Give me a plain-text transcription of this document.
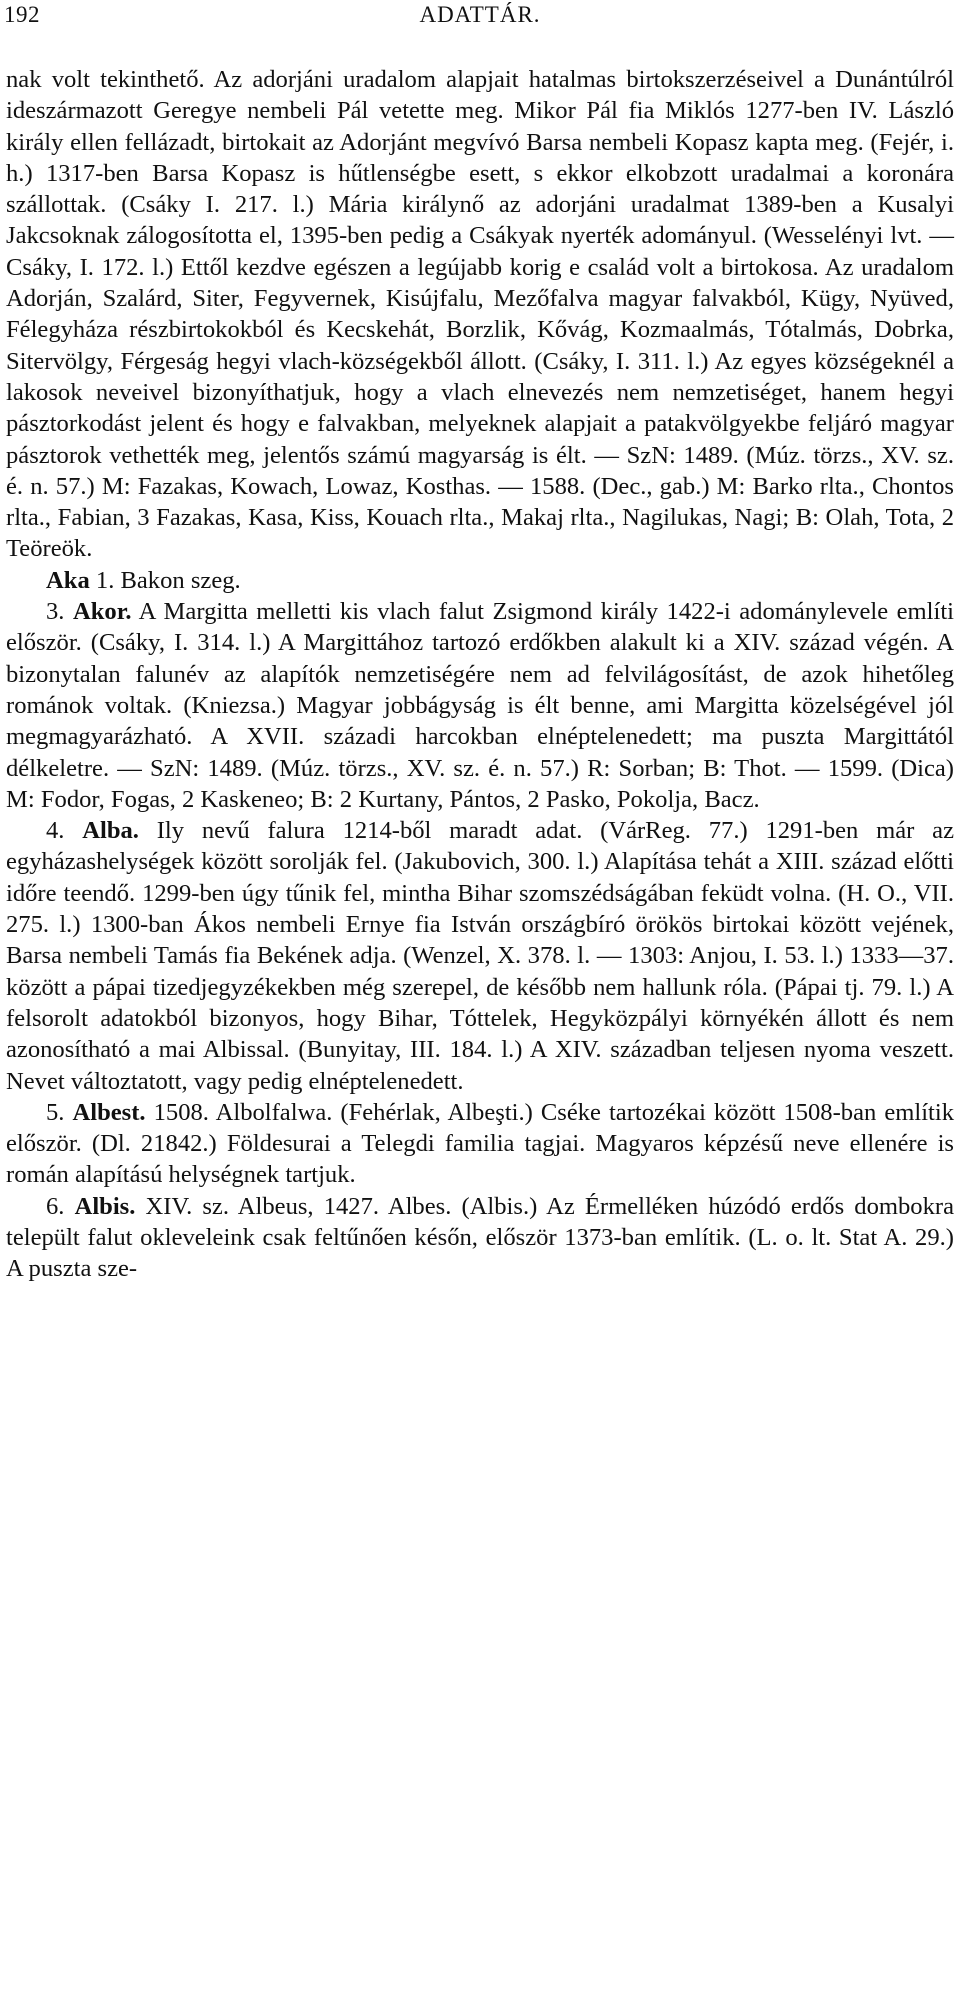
192	ADATTÁR.

nak volt tekinthető. Az adorjáni uradalom alapjait hatalmas birtokszerzéseivel a Dunántúlról ideszármazott Geregye nembeli Pál vetette meg. Mikor Pál fia Miklós 1277-ben IV. László király ellen fellázadt, birtokait az Adorjánt megvívó Barsa nembeli Kopasz kapta meg. (Fejér, i. h.) 1317-ben Barsa Kopasz is hűtlenségbe esett, s ekkor elkobzott uradalmai a koronára szállottak. (Csáky I. 217. l.) Mária királynő az adorjáni uradalmat 1389-ben a Kusalyi Jakcsoknak zálogosította el, 1395-ben pedig a Csákyak nyerték adományul. (Wesselényi lvt. — Csáky, I. 172. l.) Ettől kezdve egészen a legújabb korig e család volt a birtokosa. Az uradalom Adorján, Szalárd, Siter, Fegyvernek, Kisújfalu, Mezőfalva magyar falvakból, Kügy, Nyüved, Félegyháza részbirtokokból és Kecskehát, Borzlik, Kővág, Kozmaalmás, Tótalmás, Dobrka, Sitervölgy, Férgeság hegyi vlach-községekből állott. (Csáky, I. 311. l.) Az egyes községeknél a lakosok neveivel bizonyíthatjuk, hogy a vlach elnevezés nem nemzetiséget, hanem hegyi pásztorkodást jelent és hogy e falvakban, melyeknek alapjait a patakvölgyekbe feljáró magyar pásztorok vethették meg, jelentős számú magyarság is élt. — SzN: 1489. (Múz. törzs., XV. sz. é. n. 57.) M: Fazakas, Kowach, Lowaz, Kosthas. — 1588. (Dec., gab.) M: Barko rlta., Chontos rlta., Fabian, 3 Fazakas, Kasa, Kiss, Kouach rlta., Makaj rlta., Nagilukas, Nagi; B: Olah, Tota, 2 Teöreök.

Aka 1. Bakon szeg.

3. Akor. A Margitta melletti kis vlach falut Zsigmond király 1422-i adománylevele említi először. (Csáky, I. 314. l.) A Margittához tartozó erdőkben alakult ki a XIV. század végén. A bizonytalan falunév az alapítók nemzetiségére nem ad felvilágosítást, de azok hihetőleg románok voltak. (Kniezsa.) Magyar jobbágyság is élt benne, ami Margitta közelségével jól megmagyarázható. A XVII. századi harcokban elnéptelenedett; ma puszta Margittától délkeletre. — SzN: 1489. (Múz. törzs., XV. sz. é. n. 57.) R: Sorban; B: Thot. — 1599. (Dica) M: Fodor, Fogas, 2 Kaskeneo; B: 2 Kurtany, Pántos, 2 Pasko, Pokolja, Bacz.

4. Alba. Ily nevű falura 1214-ből maradt adat. (VárReg. 77.) 1291-ben már az egyházashelységek között sorolják fel. (Jakubovich, 300. l.) Alapítása tehát a XIII. század előtti időre teendő. 1299-ben úgy tűnik fel, mintha Bihar szomszédságában feküdt volna. (H. O., VII. 275. l.) 1300-ban Ákos nembeli Ernye fia István országbíró örökös birtokai között vejének, Barsa nembeli Tamás fia Bekének adja. (Wenzel, X. 378. l. — 1303: Anjou, I. 53. l.) 1333—37. között a pápai tizedjegyzékekben még szerepel, de később nem hallunk róla. (Pápai tj. 79. l.) A felsorolt adatokból bizonyos, hogy Bihar, Tóttelek, Hegyközpályi környékén állott és nem azonosítható a mai Albissal. (Bunyitay, III. 184. l.) A XIV. században teljesen nyoma veszett. Nevet változtatott, vagy pedig elnéptelenedett.

5. Albest. 1508. Albolfalwa. (Fehérlak, Albeşti.) Cséke tartozékai között 1508-ban említik először. (Dl. 21842.) Földesurai a Telegdi familia tagjai. Magyaros képzésű neve ellenére is román alapítású helységnek tartjuk.

6. Albis. XIV. sz. Albeus, 1427. Albes. (Albis.) Az Érmelléken húzódó erdős dombokra települt falut okleveleink csak feltűnően későn, először 1373-ban említik. (L. o. lt. Stat A. 29.) A puszta sze-
